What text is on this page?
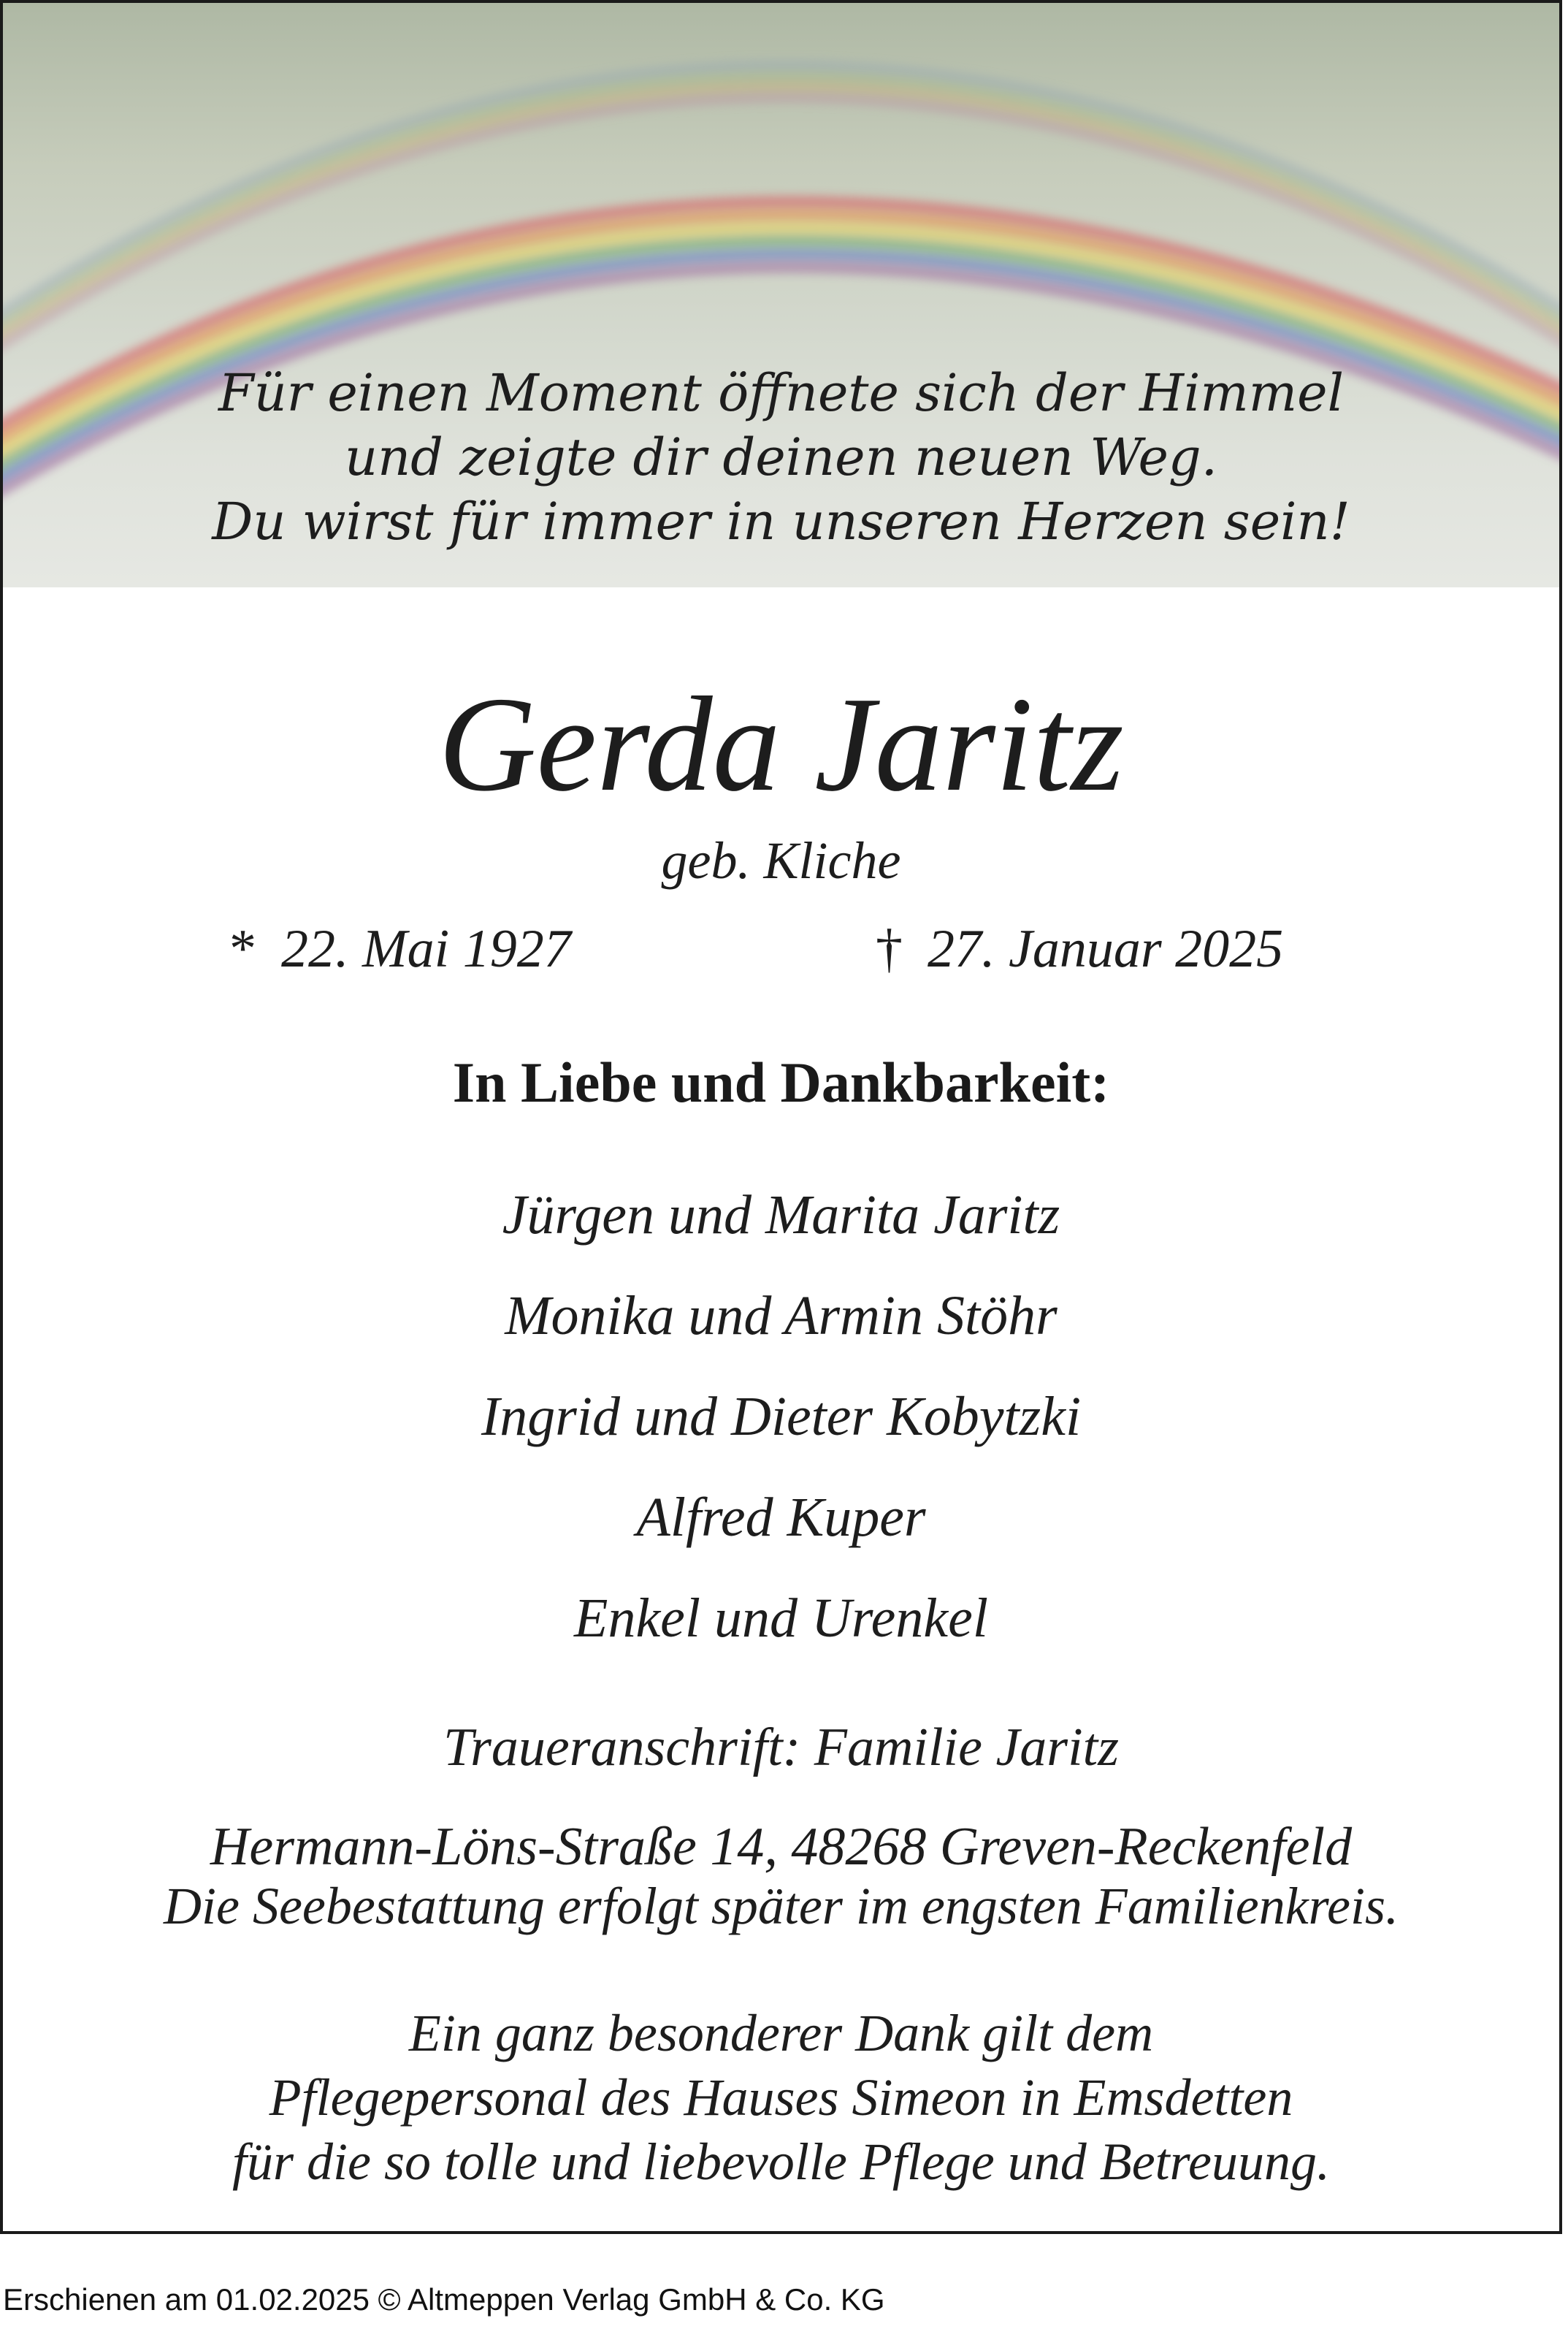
Für einen Moment öffnete sich der Himmel
und zeigte dir deinen neuen Weg.
Du wirst für immer in unseren Herzen sein!
Gerda Jaritz
geb. Kliche
* 22. Mai 1927	† 27. Januar 2025
In Liebe und Dankbarkeit:
Jürgen und Marita Jaritz
Monika und Armin Stöhr
Ingrid und Dieter Kobytzki
Alfred Kuper
Enkel und Urenkel
Traueranschrift: Familie Jaritz
Hermann-Löns-Straße 14, 48268 Greven-Reckenfeld
Die Seebestattung erfolgt später im engsten Familienkreis.
Ein ganz besonderer Dank gilt dem
Pflegepersonal des Hauses Simeon in Emsdetten
für die so tolle und liebevolle Pflege und Betreuung.
Erschienen am 01.02.2025 © Altmeppen Verlag GmbH & Co. KG
